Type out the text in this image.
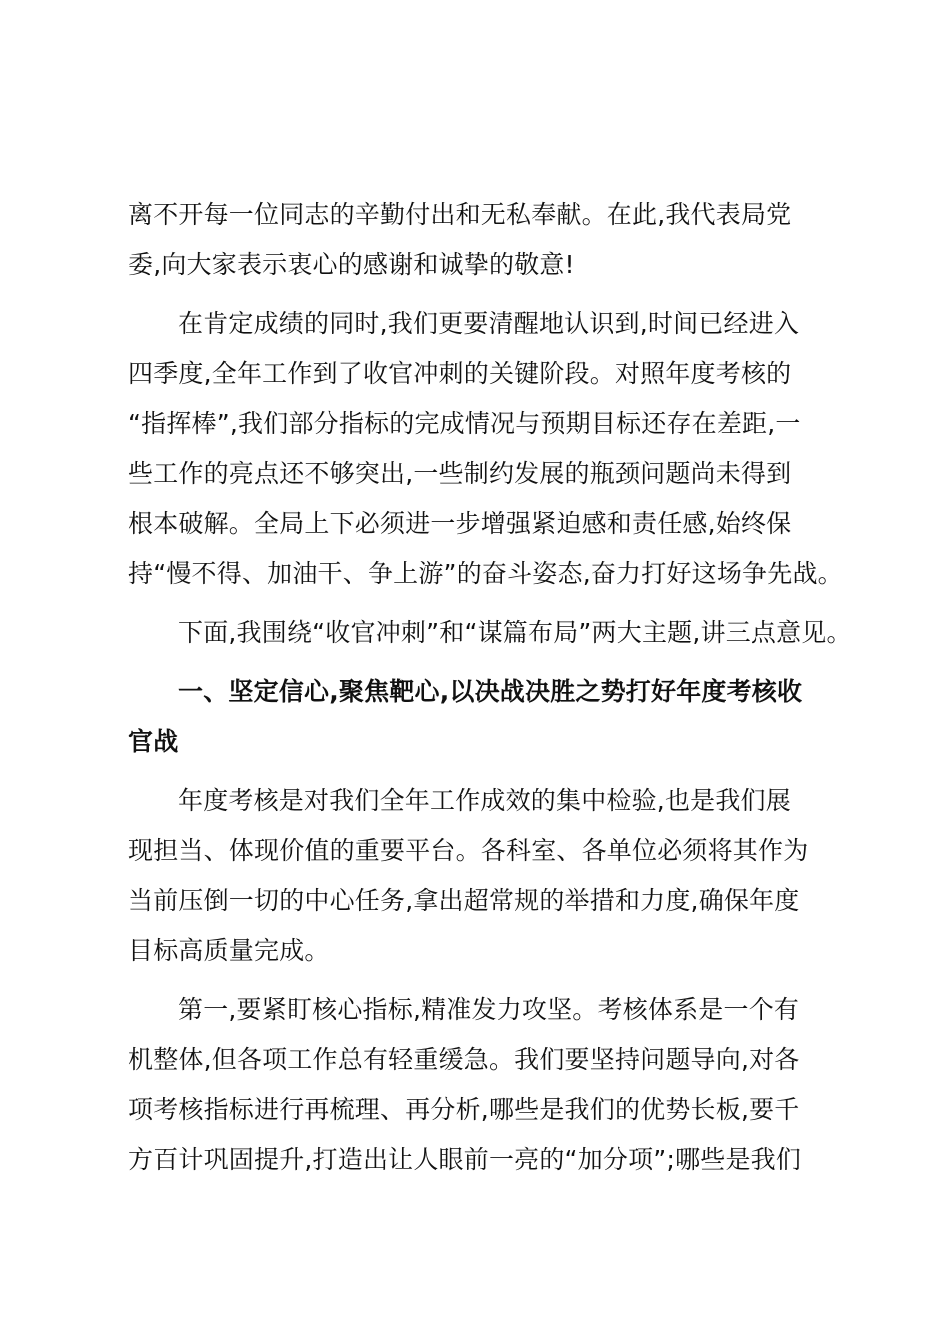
离不开每一位同志的辛勤付出和无私奉献。在此,我代表局党
委,向大家表示衷心的感谢和诚挚的敬意!

在肯定成绩的同时,我们更要清醒地认识到,时间已经进入
四季度,全年工作到了收官冲刺的关键阶段。对照年度考核的
“指挥棒”,我们部分指标的完成情况与预期目标还存在差距,一
些工作的亮点还不够突出,一些制约发展的瓶颈问题尚未得到
根本破解。全局上下必须进一步增强紧迫感和责任感,始终保
持“慢不得、加油干、争上游”的奋斗姿态,奋力打好这场争先战。

下面,我围绕“收官冲刺”和“谋篇布局”两大主题,讲三点意见。

一、坚定信心,聚焦靶心,以决战决胜之势打好年度考核收
官战

年度考核是对我们全年工作成效的集中检验,也是我们展
现担当、体现价值的重要平台。各科室、各单位必须将其作为
当前压倒一切的中心任务,拿出超常规的举措和力度,确保年度
目标高质量完成。

第一,要紧盯核心指标,精准发力攻坚。考核体系是一个有
机整体,但各项工作总有轻重缓急。我们要坚持问题导向,对各
项考核指标进行再梳理、再分析,哪些是我们的优势长板,要千
方百计巩固提升,打造出让人眼前一亮的“加分项”;哪些是我们
